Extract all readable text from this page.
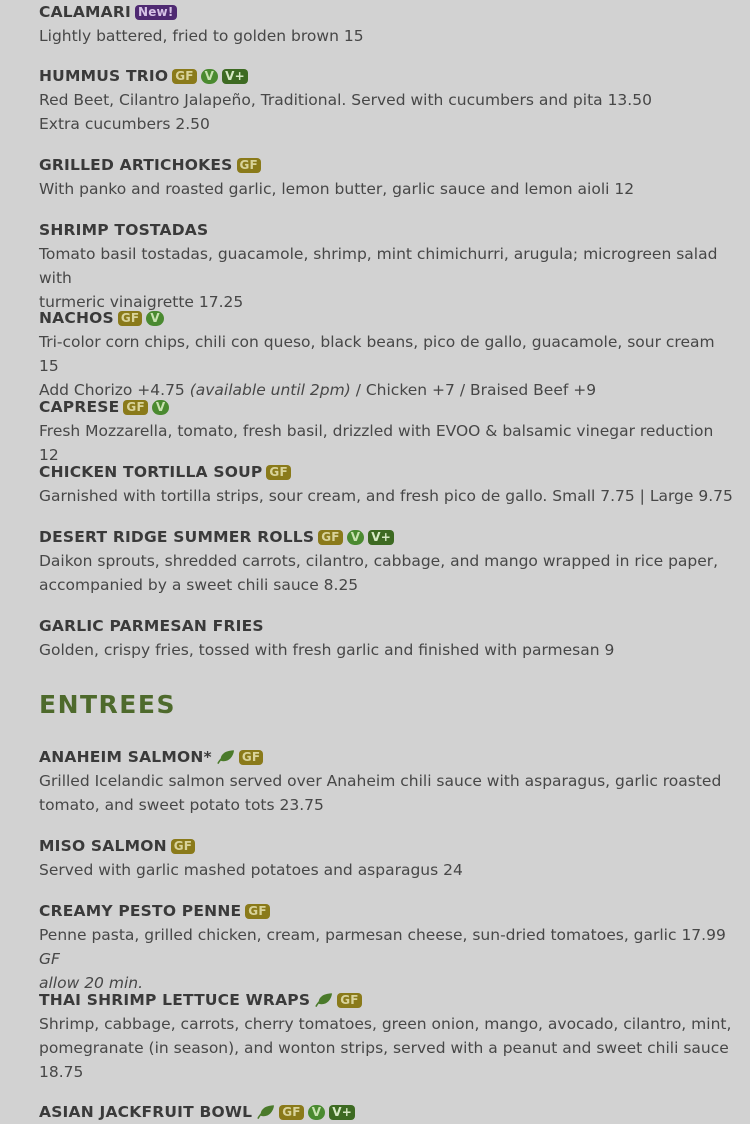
CALAMARI New!
Lightly battered, fried to golden brown 15
HUMMUS TRIO GF V V+
Red Beet, Cilantro Jalapeño, Traditional. Served with cucumbers and pita 13.50
Extra cucumbers 2.50
GRILLED ARTICHOKES GF
With panko and roasted garlic, lemon butter, garlic sauce and lemon aioli 12
SHRIMP TOSTADAS
Tomato basil tostadas, guacamole, shrimp, mint chimichurri, arugula; microgreen salad with
turmeric vinaigrette 17.25
NACHOS GF V
Tri-color corn chips, chili con queso, black beans, pico de gallo, guacamole, sour cream 15
Add Chorizo +4.75 (available until 2pm) / Chicken +7 / Braised Beef +9
CAPRESE GF V
Fresh Mozzarella, tomato, fresh basil, drizzled with EVOO & balsamic vinegar reduction 12
CHICKEN TORTILLA SOUP GF
Garnished with tortilla strips, sour cream, and fresh pico de gallo. Small 7.75 | Large 9.75
DESERT RIDGE SUMMER ROLLS GF V V+
Daikon sprouts, shredded carrots, cilantro, cabbage, and mango wrapped in rice paper,
accompanied by a sweet chili sauce 8.25
GARLIC PARMESAN FRIES
Golden, crispy fries, tossed with fresh garlic and finished with parmesan 9
ENTREES
ANAHEIM SALMON*	GF
Grilled Icelandic salmon served over Anaheim chili sauce with asparagus, garlic roasted
tomato, and sweet potato tots 23.75
MISO SALMON GF
Served with garlic mashed potatoes and asparagus 24
CREAMY PESTO PENNE GF
Penne pasta, grilled chicken, cream, parmesan cheese, sun-dried tomatoes, garlic 17.99 GF
allow 20 min.
THAI SHRIMP LETTUCE WRAPS	GF
Shrimp, cabbage, carrots, cherry tomatoes, green onion, mango, avocado, cilantro, mint,
pomegranate (in season), and wonton strips, served with a peanut and sweet chili sauce
18.75
ASIAN JACKFRUIT BOWL	GF V V+
